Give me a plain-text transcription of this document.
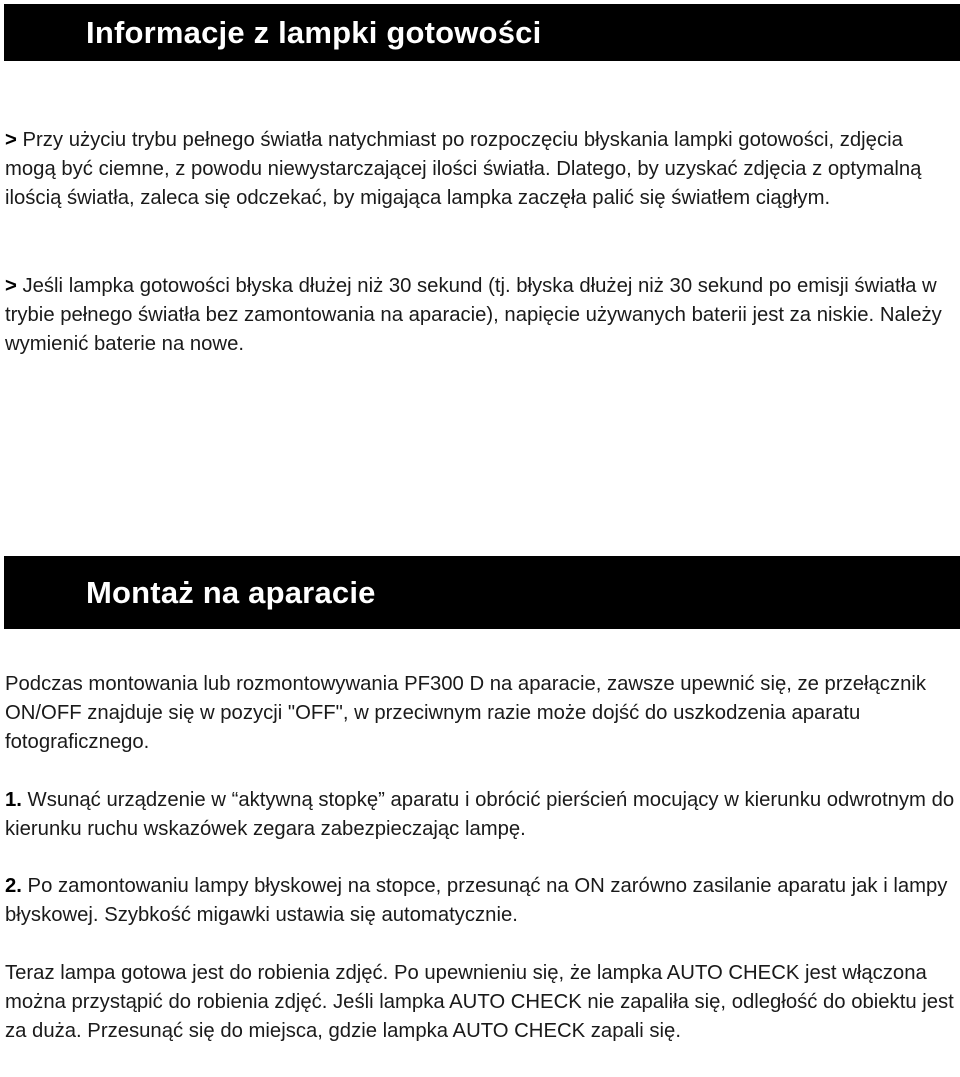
Informacje z lampki gotowości

> Przy użyciu trybu pełnego światła natychmiast po rozpoczęciu błyskania lampki gotowości, zdjęcia mogą być ciemne, z powodu niewystarczającej ilości światła. Dlatego, by uzyskać zdjęcia z optymalną ilością światła, zaleca się odczekać, by migająca lampka zaczęła palić się światłem ciągłym.

> Jeśli lampka gotowości błyska dłużej niż 30 sekund (tj. błyska dłużej niż 30 sekund po emisji światła w trybie pełnego światła bez zamontowania na aparacie), napięcie używanych baterii jest za niskie. Należy wymienić baterie na nowe.

Montaż na aparacie

Podczas montowania lub rozmontowywania PF300 D na aparacie, zawsze upewnić się, ze przełącznik ON/OFF znajduje się w pozycji "OFF", w przeciwnym razie może dojść do uszkodzenia aparatu fotograficznego.

1. Wsunąć urządzenie w “aktywną stopkę” aparatu i obrócić pierścień mocujący w kierunku odwrotnym do kierunku ruchu wskazówek zegara zabezpieczając lampę.

2. Po zamontowaniu lampy błyskowej na stopce, przesunąć na ON zarówno zasilanie aparatu jak i lampy błyskowej. Szybkość migawki ustawia się automatycznie.

Teraz lampa gotowa jest do robienia zdjęć. Po upewnieniu się, że lampka AUTO CHECK jest włączona można przystąpić do robienia zdjęć. Jeśli lampka AUTO CHECK nie zapaliła się, odległość do obiektu jest za duża. Przesunąć się do miejsca, gdzie lampka AUTO CHECK zapali się.
